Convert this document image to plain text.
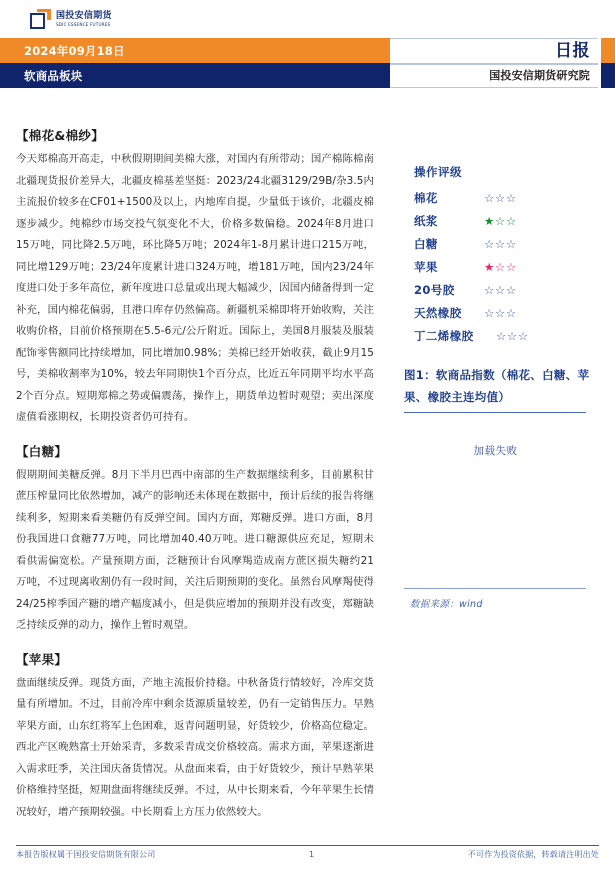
国投安信期货
SDIC ESSENCE FUTURES
2024年09月18日
软商品板块
日报
国投安信期货研究院
【棉花&棉纱】

今天郑棉高开高走，中秋假期期间美棉大涨，对国内有所带动；国产棉陈棉南北疆现货报价差异大，北疆皮棉基差坚挺：2023/24北疆3129/29B/杂3.5内主流报价较多在CF01+1500及以上，内地库自提，少量低于该价，北疆皮棉逐步减少。纯棉纱市场交投气氛变化不大，价格多数偏稳。2024年8月进口15万吨，同比降2.5万吨，环比降5万吨；2024年1-8月累计进口215万吨，同比增129万吨；23/24年度累计进口324万吨，增181万吨，国内23/24年度进口处于多年高位，新年度进口总量或出现大幅减少，因国内储备得到一定补充，国内棉花偏弱，且港口库存仍然偏高。新疆机采棉即将开始收购，关注收购价格，目前价格预期在5.5-6元/公斤附近。国际上，美国8月服装及服装配饰零售额同比持续增加，同比增加0.98%；美棉已经开始收获，截止9月15号，美棉收割率为10%，较去年同期快1个百分点，比近五年同期平均水平高2个百分点。短期郑棉之势或偏震荡，操作上，期货单边暂时观望；卖出深度虚值看涨期权，长期投资者仍可持有。

【白糖】

假期期间美糖反弹。8月下半月巴西中南部的生产数据继续利多，目前累积甘蔗压榨量同比依然增加，减产的影响还未体现在数据中，预计后续的报告将继续利多，短期来看美糖仍有反弹空间。国内方面，郑糖反弹。进口方面，8月份我国进口食糖77万吨，同比增加40.40万吨。进口糖源供应充足，短期未看供需偏宽松。产量预期方面，泛糖预计台风摩羯造成南方蔗区损失糖约21万吨，不过现离收割仍有一段时间，关注后期预期的变化。虽然台风摩羯使得24/25榨季国产糖的增产幅度减小，但是供应增加的预期并没有改变，郑糖缺乏持续反弹的动力，操作上暂时观望。

【苹果】

盘面继续反弹。现货方面，产地主流报价持稳。中秋备货行情较好，冷库交货量有所增加。不过，目前冷库中剩余货源质量较差，仍有一定销售压力。早熟苹果方面，山东红将军上色困难，返青问题明显，好货较少，价格高位稳定。西北产区晚熟富士开始采青，多数采青成交价格较高。需求方面，苹果逐渐进入需求旺季，关注国庆备货情况。从盘面来看，由于好货较少，预计早熟苹果价格维持坚挺，短期盘面将继续反弹。不过，从中长期来看，今年苹果生长情况较好，增产预期较强。中长期看上方压力依然较大。

操作评级
棉花	☆☆☆
纸浆	★☆☆
白糖	☆☆☆
苹果	★☆☆
20号胶	☆☆☆
天然橡胶	☆☆☆
丁二烯橡胶	☆☆☆
图1：软商品指数（棉花、白糖、苹果、橡胶主连均值）
加载失败
数据来源：wind
本报告版权属于国投安信期货有限公司	1	不可作为投资依据，转载请注明出处
